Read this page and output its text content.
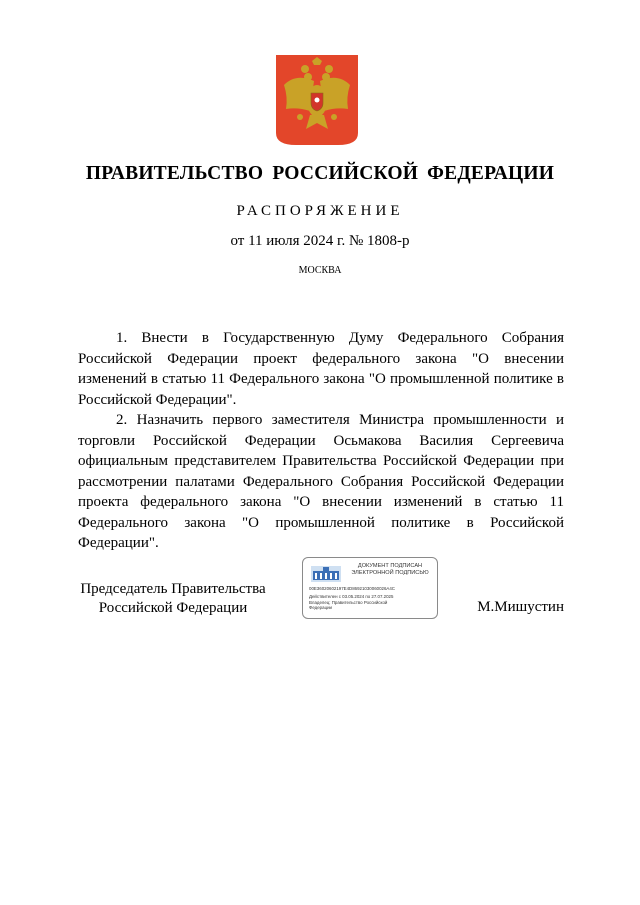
ПРАВИТЕЛЬСТВО РОССИЙСКОЙ ФЕДЕРАЦИИ
РАСПОРЯЖЕНИЕ
от 11 июля 2024 г. № 1808-р
МОСКВА

1. Внести в Государственную Думу Федерального Собрания Российской Федерации проект федерального закона "О внесении изменений в статью 11 Федерального закона "О промышленной политике в Российской Федерации".

2. Назначить первого заместителя Министра промышленности и торговли Российской Федерации Осьмакова Василия Сергеевича официальным представителем Правительства Российской Федерации при рассмотрении палатами Федерального Собрания Российской Федерации проекта федерального закона "О внесении изменений в статью 11 Федерального закона "О промышленной политике в Российской Федерации".

Председатель Правительства
Российской Федерации
ДОКУМЕНТ ПОДПИСАН
ЭЛЕКТРОННОЙ ПОДПИСЬЮ
00E36020602197E4D86921030060026A4C
Действителен с 03.05.2024 по 27.07.2025
Владелец: Правительство Российской Федерации	М.Мишустин
